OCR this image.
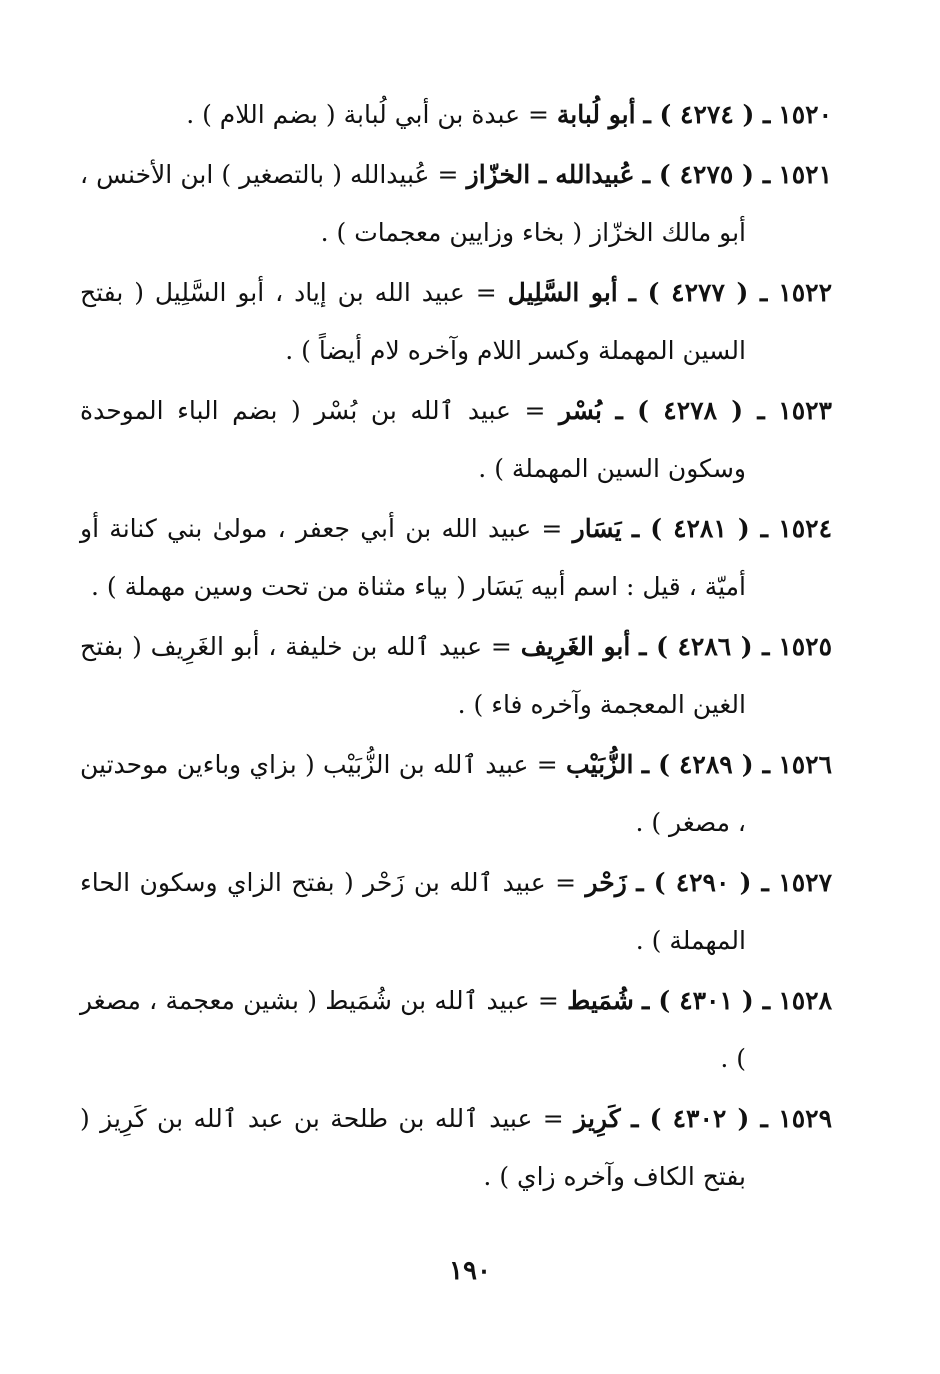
١٥٢٠ ـ ( ٤٢٧٤ ) ـ أبو لُبابة = عبدة بن أبي لُبابة ( بضم اللام ) .

١٥٢١ ـ ( ٤٢٧٥ ) ـ عُبيدالله ـ الخزّاز = عُبيدالله ( بالتصغير ) ابن الأخنس ، أبو مالك الخزّاز ( بخاء وزايين معجمات ) .

١٥٢٢ ـ ( ٤٢٧٧ ) ـ أبو السَّلِيل = عبيد الله بن إياد ، أبو السَّلِيل ( بفتح السين المهملة وكسر اللام وآخره لام أيضاً ) .

١٥٢٣ ـ ( ٤٢٧٨ ) ـ بُسْر = عبيد ٱلله بن بُسْر ( بضم الباء الموحدة وسكون السين المهملة ) .

١٥٢٤ ـ ( ٤٢٨١ ) ـ يَسَار = عبيد الله بن أبي جعفر ، مولىٰ بني كنانة أو أميّة ، قيل : اسم أبيه يَسَار ( بياء مثناة من تحت وسين مهملة ) .

١٥٢٥ ـ ( ٤٢٨٦ ) ـ أبو الغَرِيف = عبيد ٱلله بن خليفة ، أبو الغَرِيف ( بفتح الغين المعجمة وآخره فاء ) .

١٥٢٦ ـ ( ٤٢٨٩ ) ـ الزُّبَيْب = عبيد ٱلله بن الزُّبَيْب ( بزاي وباءين موحدتين ، مصغر ) .

١٥٢٧ ـ ( ٤٢٩٠ ) ـ زَحْر = عبيد ٱلله بن زَحْر ( بفتح الزاي وسكون الحاء المهملة ) .

١٥٢٨ ـ ( ٤٣٠١ ) ـ شُمَيط = عبيد ٱلله بن شُمَيط ( بشين معجمة ، مصغر ) .

١٥٢٩ ـ ( ٤٣٠٢ ) ـ كَرِيز = عبيد ٱلله بن طلحة بن عبد ٱلله بن كَرِيز ( بفتح الكاف وآخره زاي ) .

١٩٠
